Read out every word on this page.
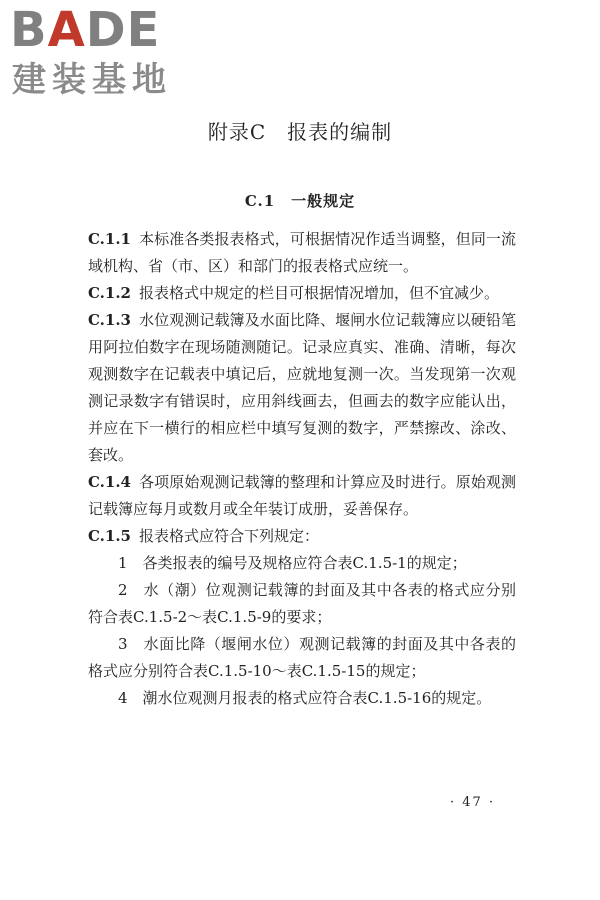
BADE
建装基地
附录C　报表的编制
C.1　一般规定

C.1.1 本标准各类报表格式，可根据情况作适当调整，但同一流域机构、省（市、区）和部门的报表格式应统一。

C.1.2 报表格式中规定的栏目可根据情况增加，但不宜减少。

C.1.3 水位观测记载簿及水面比降、堰闸水位记载簿应以硬铅笔用阿拉伯数字在现场随测随记。记录应真实、准确、清晰，每次观测数字在记载表中填记后，应就地复测一次。当发现第一次观测记录数字有错误时，应用斜线画去，但画去的数字应能认出，并应在下一横行的相应栏中填写复测的数字，严禁擦改、涂改、套改。

C.1.4 各项原始观测记载簿的整理和计算应及时进行。原始观测记载簿应每月或数月或全年装订成册，妥善保存。

C.1.5 报表格式应符合下列规定：

1　各类报表的编号及规格应符合表C.1.5-1的规定；

2　水（潮）位观测记载簿的封面及其中各表的格式应分别符合表C.1.5-2～表C.1.5-9的要求；

3　水面比降（堰闸水位）观测记载簿的封面及其中各表的格式应分别符合表C.1.5-10～表C.1.5-15的规定；

4　潮水位观测月报表的格式应符合表C.1.5-16的规定。

· 47 ·
